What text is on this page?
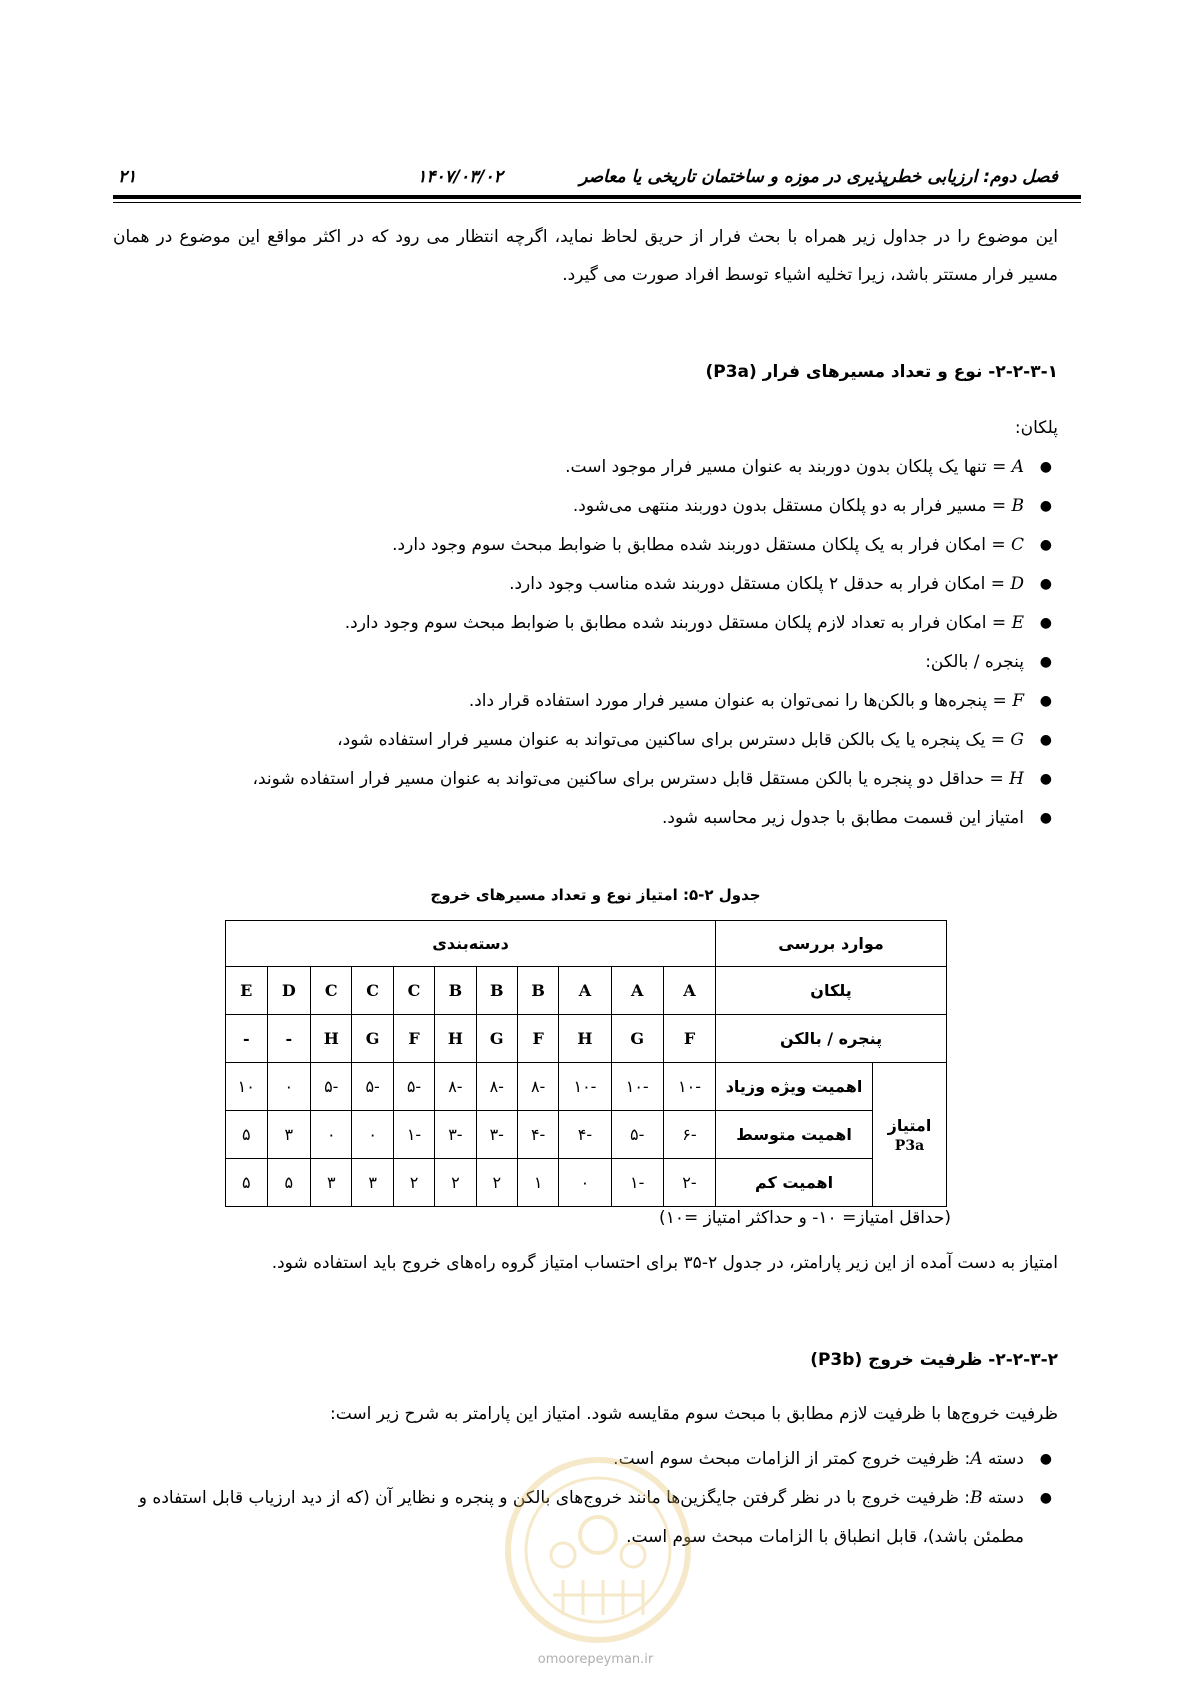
فصل دوم: ارزیابی خطرپذیری در موزه و ساختمان تاریخی یا معاصر
۱۴۰۷/۰۳/۰۲
۲۱
این موضوع را در جداول زیر همراه با بحث فرار از حریق لحاظ نماید، اگرچه انتظار می رود که در اکثر مواقع این موضوع در همان مسیر فرار مستتر باشد، زیرا تخلیه اشیاء توسط افراد صورت می گیرد.
۲-۲-۳-۱- نوع و تعداد مسیرهای فرار (P3a)
پلکان:
●
A = تنها یک پلکان بدون دوربند به عنوان مسیر فرار موجود است.
●
B = مسیر فرار به دو پلکان مستقل بدون دوربند منتهی می‌شود.
●
C = امکان فرار به یک پلکان مستقل دوربند شده مطابق با ضوابط مبحث سوم وجود دارد.
●
D = امکان فرار به حدقل ۲ پلکان مستقل دوربند شده مناسب وجود دارد.
●
E = امکان فرار به تعداد لازم پلکان مستقل دوربند شده مطابق با ضوابط مبحث سوم وجود دارد.
●
پنجره / بالکن:
●
F = پنجره‌ها و بالکن‌ها را نمی‌توان به عنوان مسیر فرار مورد استفاده قرار داد.
●
G = یک پنجره یا یک بالکن قابل دسترس برای ساکنین می‌تواند به عنوان مسیر فرار استفاده شود،
●
H = حداقل دو پنجره یا بالکن مستقل قابل دسترس برای ساکنین می‌تواند به عنوان مسیر فرار استفاده شوند،
●
امتیاز این قسمت مطابق با جدول زیر محاسبه شود.
جدول ۲-۵: امتیاز نوع و تعداد مسیرهای خروج
موارد بررسی		دسته‌بندی										
پلکان		A	A	A	B	B	B	C	C	C	D	E
پنجره / بالکن		F	G	H	F	G	H	F	G	H	-	-
امتیاز
P3a	اهمیت ویژه وزیاد	-۱۰	-۱۰	-۱۰	-۸	-۸	-۸	-۵	-۵	-۵	۰	۱۰
	اهمیت متوسط	-۶	-۵	-۴	-۴	-۳	-۳	-۱	۰	۰	۳	۵
	اهمیت کم	-۲	-۱	۰	۱	۲	۲	۲	۳	۳	۵	۵
(حداقل امتیاز= ۱۰- و حداکثر امتیاز =۱۰)
امتیاز به دست آمده از این زیر پارامتر، در جدول ۲-۳۵ برای احتساب امتیاز گروه راه‌های خروج باید استفاده شود.
۲-۲-۳-۲- ظرفیت خروج (P3b)
ظرفیت خروج‌ها با ظرفیت لازم مطابق با مبحث سوم مقایسه شود. امتیاز این پارامتر به شرح زیر است:
●
دسته A: ظرفیت خروج کمتر از الزامات مبحث سوم است.
●
دسته B: ظرفیت خروج با در نظر گرفتن جایگزین‌ها مانند خروج‌های بالکن و پنجره و نظایر آن (که از دید ارزیاب قابل استفاده و مطمئن باشد)، قابل انطباق با الزامات مبحث سوم است.
omoorepeyman.ir
